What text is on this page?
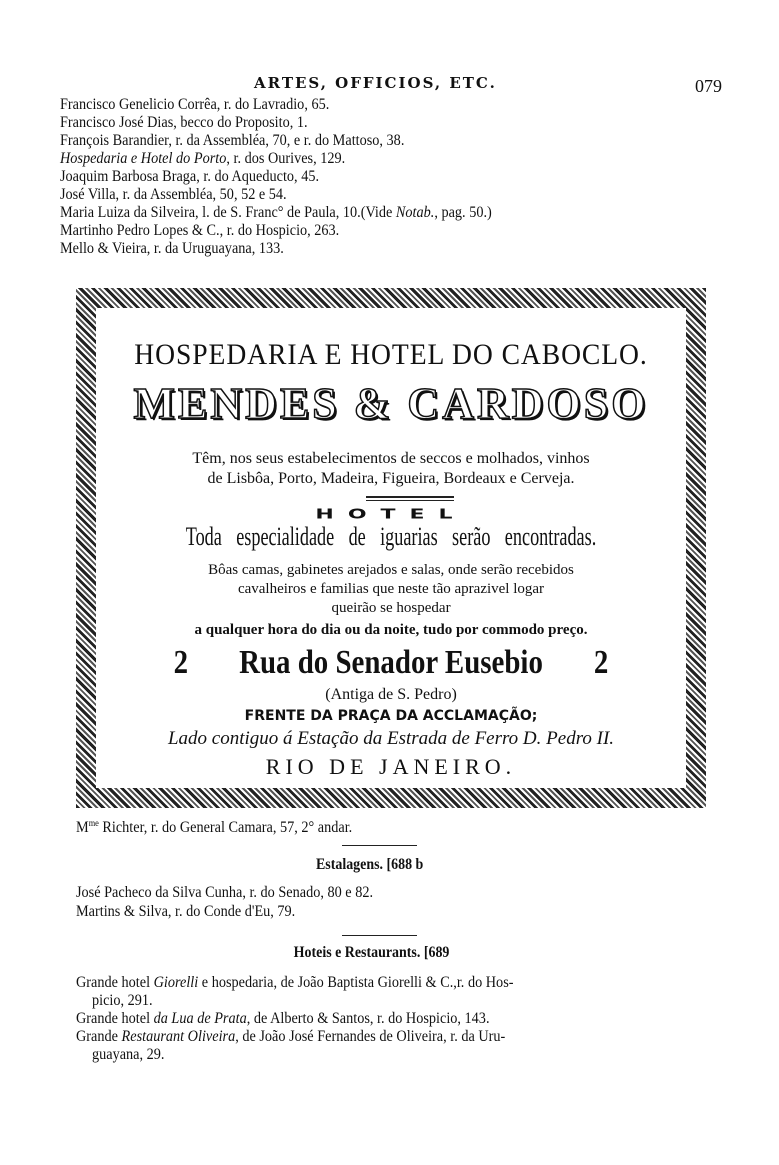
ARTES, OFFICIOS, ETC.	079
Francisco Genelicio Corrêa, r. do Lavradio, 65.
Francisco José Dias, becco do Proposito, 1.
François Barandier, r. da Assembléa, 70, e r. do Mattoso, 38.
Hospedaria e Hotel do Porto, r. dos Ourives, 129.
Joaquim Barbosa Braga, r. do Aqueducto, 45.
José Villa, r. da Assembléa, 50, 52 e 54.
Maria Luiza da Silveira, l. de S. Franc° de Paula, 10.(Vide Notab., pag. 50.)
Martinho Pedro Lopes & C., r. do Hospicio, 263.
Mello & Vieira, r. da Uruguayana, 133.
HOSPEDARIA E HOTEL DO CABOCLO.
MENDES & CARDOSO
Têm, nos seus estabelecimentos de seccos e molhados, vinhos
de Lisbôa, Porto, Madeira, Figueira, Bordeaux e Cerveja.
HOTEL
Toda especialidade de iguarias serão encontradas.
Bôas camas, gabinetes arejados e salas, onde serão recebidos
cavalheiros e familias que neste tão aprazivel logar
queirão se hospedar
a qualquer hora do dia ou da noite, tudo por commodo preço.
2 Rua do Senador Eusebio 2
(Antiga de S. Pedro)
FRENTE DA PRAÇA DA ACCLAMAÇÃO;
Lado contiguo á Estação da Estrada de Ferro D. Pedro II.
RIO DE JANEIRO.
$M^{me}$ Richter, r. do General Camara, 57, 2° andar.
Estalagens. [688 b
José Pacheco da Silva Cunha, r. do Senado, 80 e 82.
Martins & Silva, r. do Conde d'Eu, 79.
Hoteis e Restaurants. [689
Grande hotel Giorelli e hospedaria, de João Baptista Giorelli & C.,r. do Hos-
picio, 291.
Grande hotel da Lua de Prata, de Alberto & Santos, r. do Hospicio, 143.
Grande Restaurant Oliveira, de João José Fernandes de Oliveira, r. da Uru-
guayana, 29.
